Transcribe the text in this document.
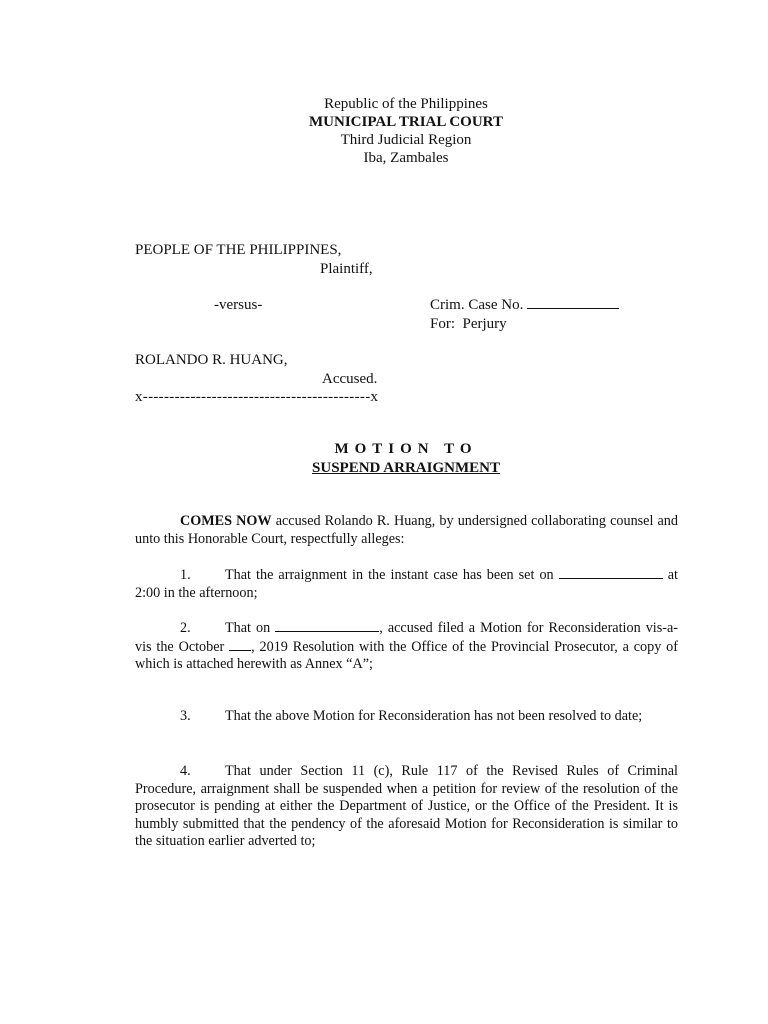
Republic of the Philippines
MUNICIPAL TRIAL COURT
Third Judicial Region
Iba, Zambales
PEOPLE OF THE PHILIPPINES,
Plaintiff,
-versus-	Crim. Case No.
For: Perjury
ROLANDO R. HUANG,
Accused.
x-------------------------------------------x
MOTION TO
SUSPEND ARRAIGNMENT
COMES NOW accused Rolando R. Huang, by undersigned collaborating counsel and unto this Honorable Court, respectfully alleges:
1. That the arraignment in the instant case has been set on	at 2:00 in the afternoon;
2. That on	, accused filed a Motion for Reconsideration vis-a-vis the October , 2019 Resolution with the Office of the Provincial Prosecutor, a copy of which is attached herewith as Annex “A”;
3. That the above Motion for Reconsideration has not been resolved to date;
4. That under Section 11 (c), Rule 117 of the Revised Rules of Criminal Procedure, arraignment shall be suspended when a petition for review of the resolution of the prosecutor is pending at either the Department of Justice, or the Office of the President. It is humbly submitted that the pendency of the aforesaid Motion for Reconsideration is similar to the situation earlier adverted to;
